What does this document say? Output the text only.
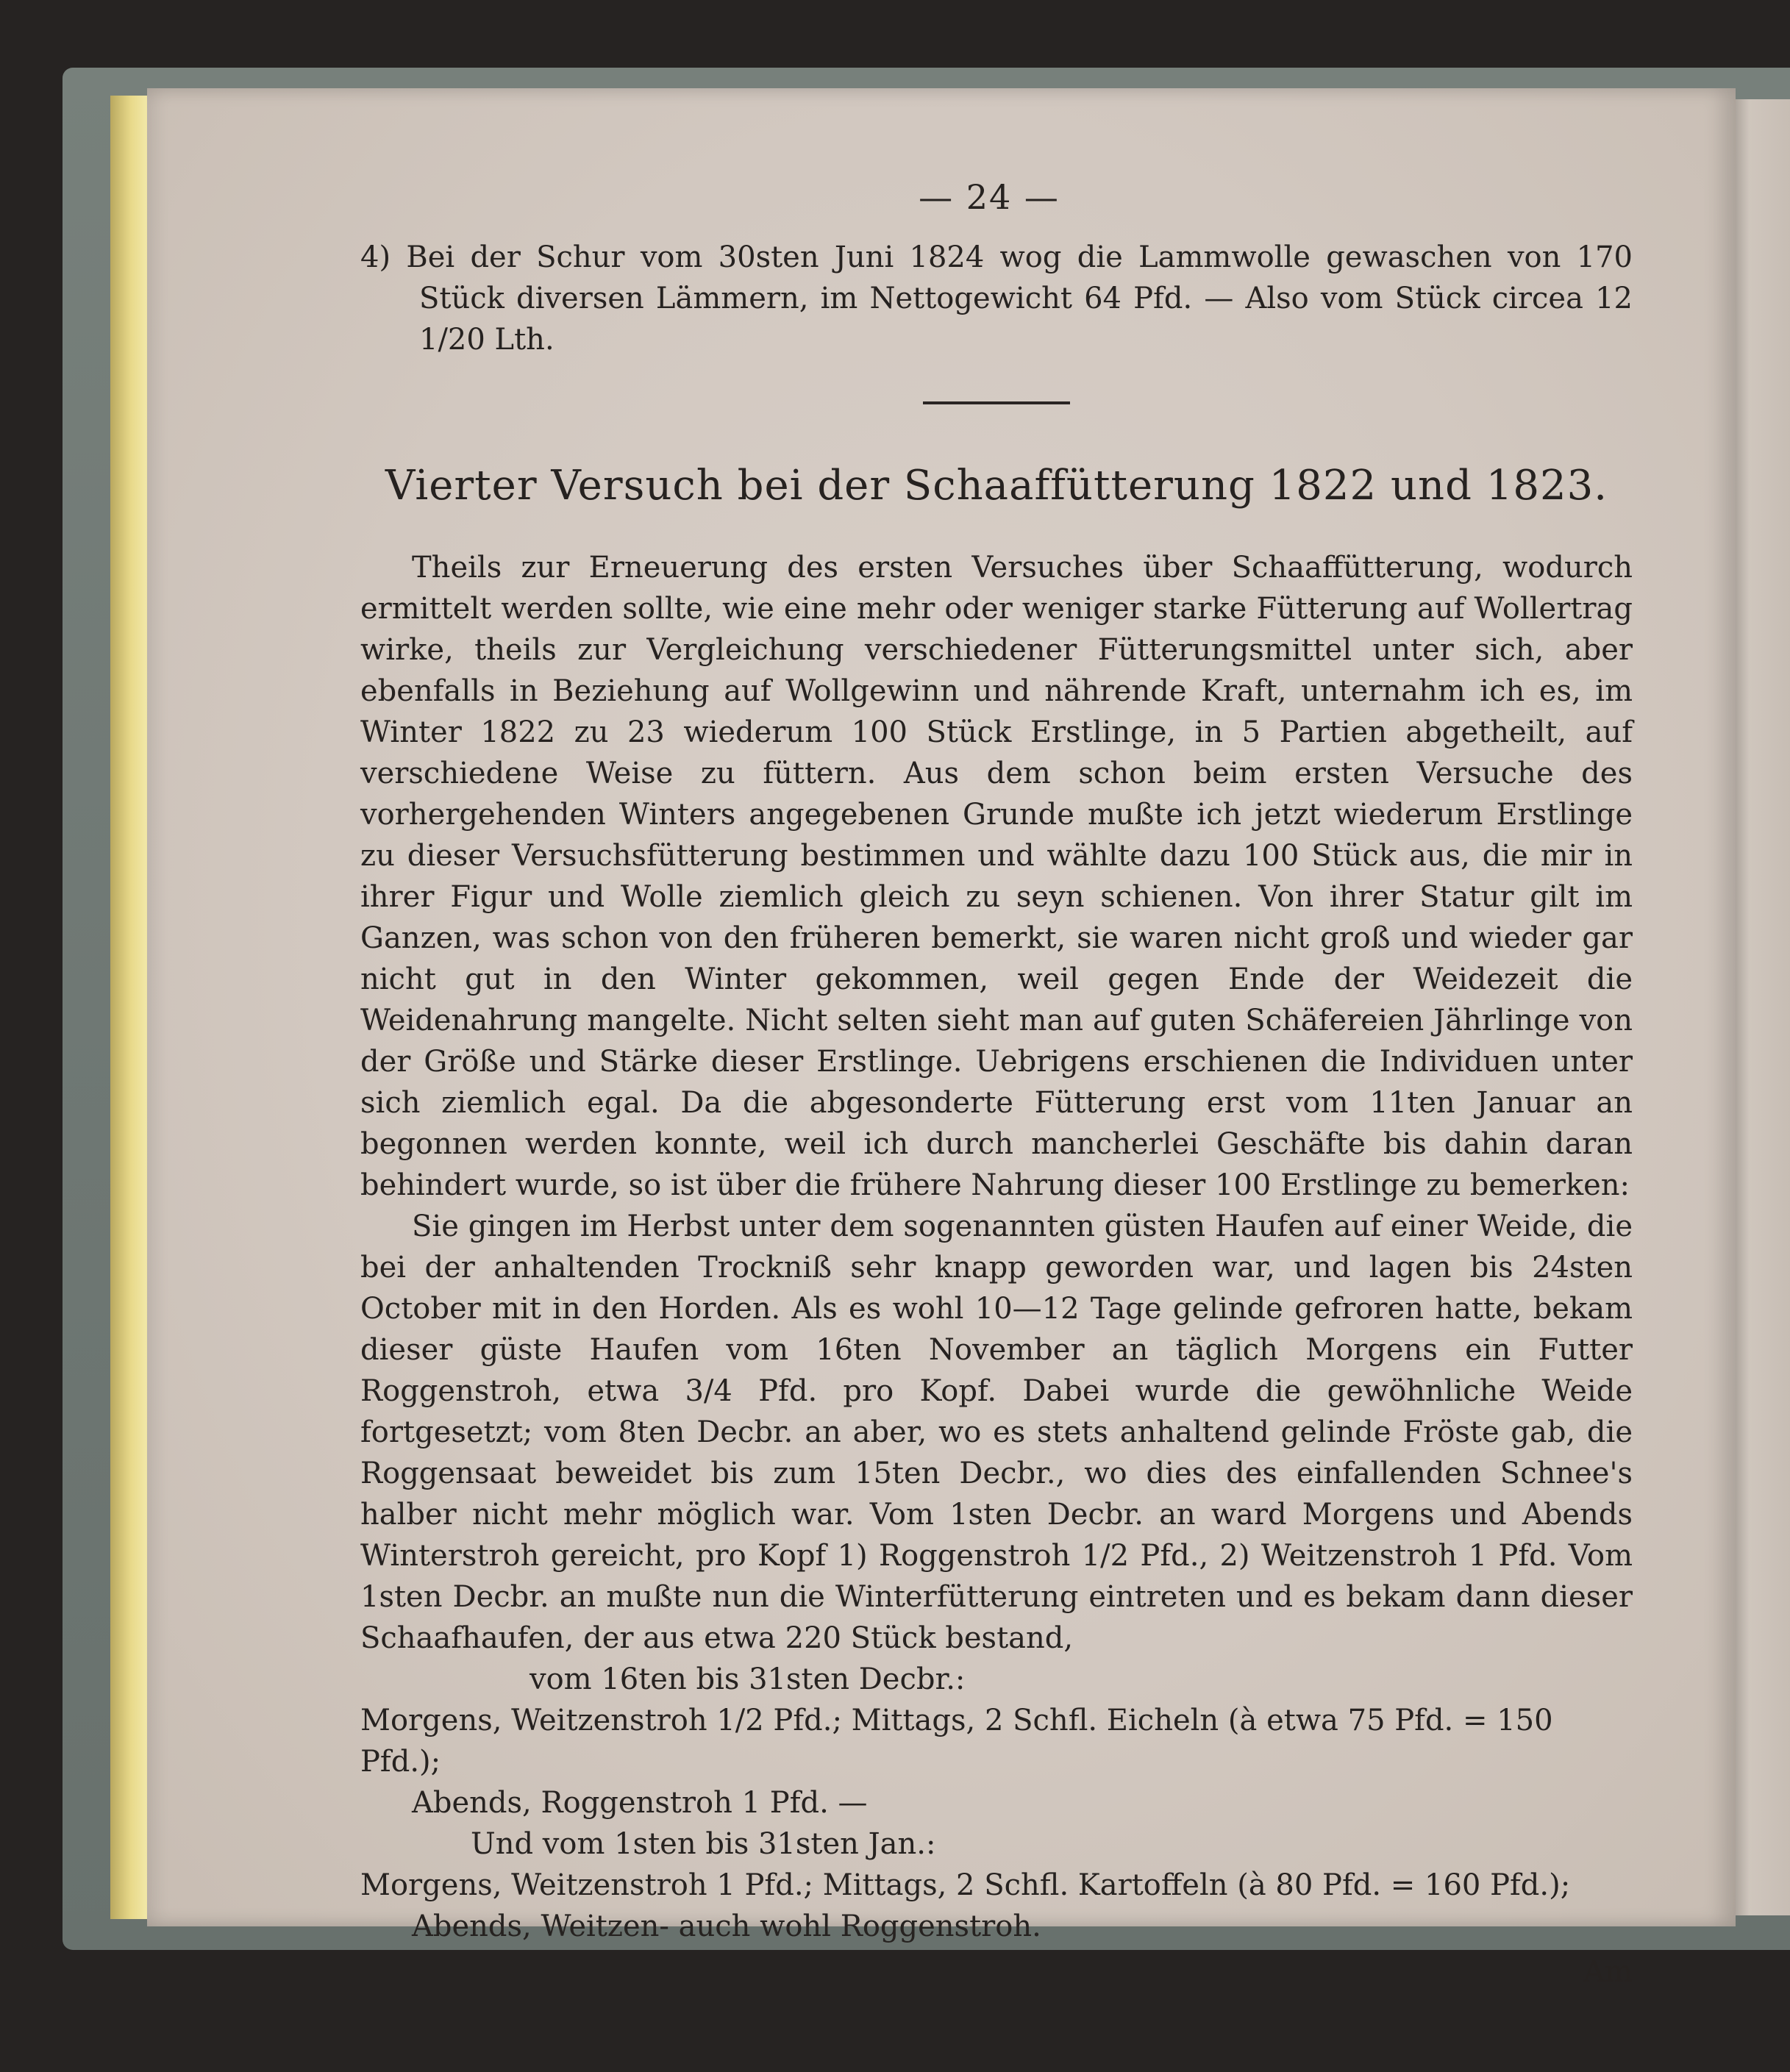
— 24 —

4) Bei der Schur vom 30sten Juni 1824 wog die Lammwolle gewaschen von 170 Stück diversen Lämmern, im Nettogewicht 64 Pfd. — Also vom Stück circea 12 1/20 Lth.

Vierter Versuch bei der Schaaffütterung 1822 und 1823.

Theils zur Erneuerung des ersten Versuches über Schaaffütterung, wodurch ermittelt werden sollte, wie eine mehr oder weniger starke Fütterung auf Wollertrag wirke, theils zur Vergleichung verschiedener Fütterungsmittel unter sich, aber ebenfalls in Beziehung auf Wollgewinn und nährende Kraft, unternahm ich es, im Winter 1822 zu 23 wiederum 100 Stück Erstlinge, in 5 Partien abgetheilt, auf verschiedene Weise zu füttern. Aus dem schon beim ersten Versuche des vorhergehenden Winters angegebenen Grunde mußte ich jetzt wiederum Erstlinge zu dieser Versuchsfütterung bestimmen und wählte dazu 100 Stück aus, die mir in ihrer Figur und Wolle ziemlich gleich zu seyn schienen. Von ihrer Statur gilt im Ganzen, was schon von den früheren bemerkt, sie waren nicht groß und wieder gar nicht gut in den Winter gekommen, weil gegen Ende der Weidezeit die Weidenahrung mangelte. Nicht selten sieht man auf guten Schäfereien Jährlinge von der Größe und Stärke dieser Erstlinge. Uebrigens erschienen die Individuen unter sich ziemlich egal. Da die abgesonderte Fütterung erst vom 11ten Januar an begonnen werden konnte, weil ich durch mancherlei Geschäfte bis dahin daran behindert wurde, so ist über die frühere Nahrung dieser 100 Erstlinge zu bemerken:

Sie gingen im Herbst unter dem sogenannten güsten Haufen auf einer Weide, die bei der anhaltenden Trockniß sehr knapp geworden war, und lagen bis 24sten October mit in den Horden. Als es wohl 10—12 Tage gelinde gefroren hatte, bekam dieser güste Haufen vom 16ten November an täglich Morgens ein Futter Roggenstroh, etwa 3/4 Pfd. pro Kopf. Dabei wurde die gewöhnliche Weide fortgesetzt; vom 8ten Decbr. an aber, wo es stets anhaltend gelinde Fröste gab, die Roggensaat beweidet bis zum 15ten Decbr., wo dies des einfallenden Schnee's halber nicht mehr möglich war. Vom 1sten Decbr. an ward Morgens und Abends Winterstroh gereicht, pro Kopf 1) Roggenstroh 1/2 Pfd., 2) Weitzenstroh 1 Pfd. Vom 1sten Decbr. an mußte nun die Winterfütterung eintreten und es bekam dann dieser Schaafhaufen, der aus etwa 220 Stück bestand,

vom 16ten bis 31sten Decbr.:

Morgens, Weitzenstroh 1/2 Pfd.; Mittags, 2 Schfl. Eicheln (à etwa 75 Pfd. = 150 Pfd.);

Abends, Roggenstroh 1 Pfd. —

Und vom 1sten bis 31sten Jan.:

Morgens, Weitzenstroh 1 Pfd.; Mittags, 2 Schfl. Kartoffeln (à 80 Pfd. = 160 Pfd.);

Abends, Weitzen- auch wohl Roggenstroh.

Am
